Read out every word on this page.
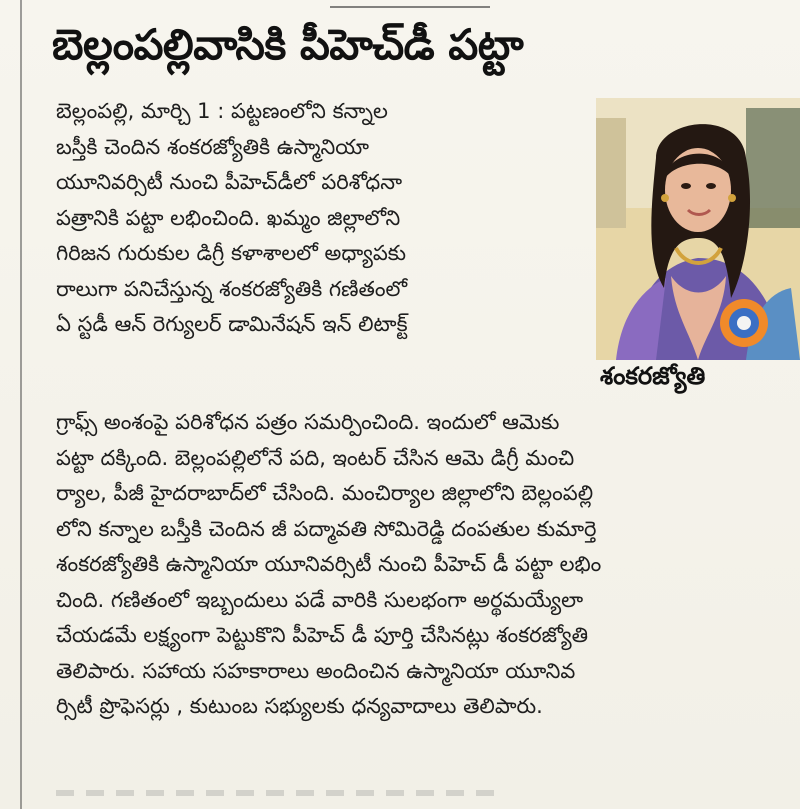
బెల్లంపల్లివాసికి పీహెచ్‌డీ పట్టా
బెల్లంపల్లి, మార్చి 1 : పట్టణంలోని కన్నాల
బస్తీకి చెందిన శంకరజ్యోతికి ఉస్మానియా
యూనివర్సిటీ నుంచి పీహెచ్‌డీలో పరిశోధనా
పత్రానికి పట్టా లభించింది. ఖమ్మం జిల్లాలోని
గిరిజన గురుకుల డిగ్రీ కళాశాలలో అధ్యాపకు
రాలుగా పనిచేస్తున్న శంకరజ్యోతికి గణితంలో
ఏ స్టడీ ఆన్ రెగ్యులర్ డామినేషన్ ఇన్ లిటాక్ట్
శంకరజ్యోతి
గ్రాఫ్స్ అంశంపై పరిశోధన పత్రం సమర్పించింది. ఇందులో ఆమెకు
పట్టా దక్కింది. బెల్లంపల్లిలోనే పది, ఇంటర్ చేసిన ఆమె డిగ్రీ మంచి
ర్యాల, పీజీ హైదరాబాద్‌లో చేసింది. మంచిర్యాల జిల్లాలోని బెల్లంపల్లి
లోని కన్నాల బస్తీకి చెందిన జీ పద్మావతి సోమిరెడ్డి దంపతుల కుమార్తె
శంకరజ్యోతికి ఉస్మానియా యూనివర్సిటీ నుంచి పీహెచ్ డీ పట్టా లభిం
చింది. గణితంలో ఇబ్బందులు పడే వారికి సులభంగా అర్థమయ్యేలా
చేయడమే లక్ష్యంగా పెట్టుకొని పీహెచ్ డీ పూర్తి చేసినట్లు శంకరజ్యోతి
తెలిపారు. సహాయ సహకారాలు అందించిన ఉస్మానియా యూనివ
ర్సిటీ ప్రొఫెసర్లు , కుటుంబ సభ్యులకు ధన్యవాదాలు తెలిపారు.
